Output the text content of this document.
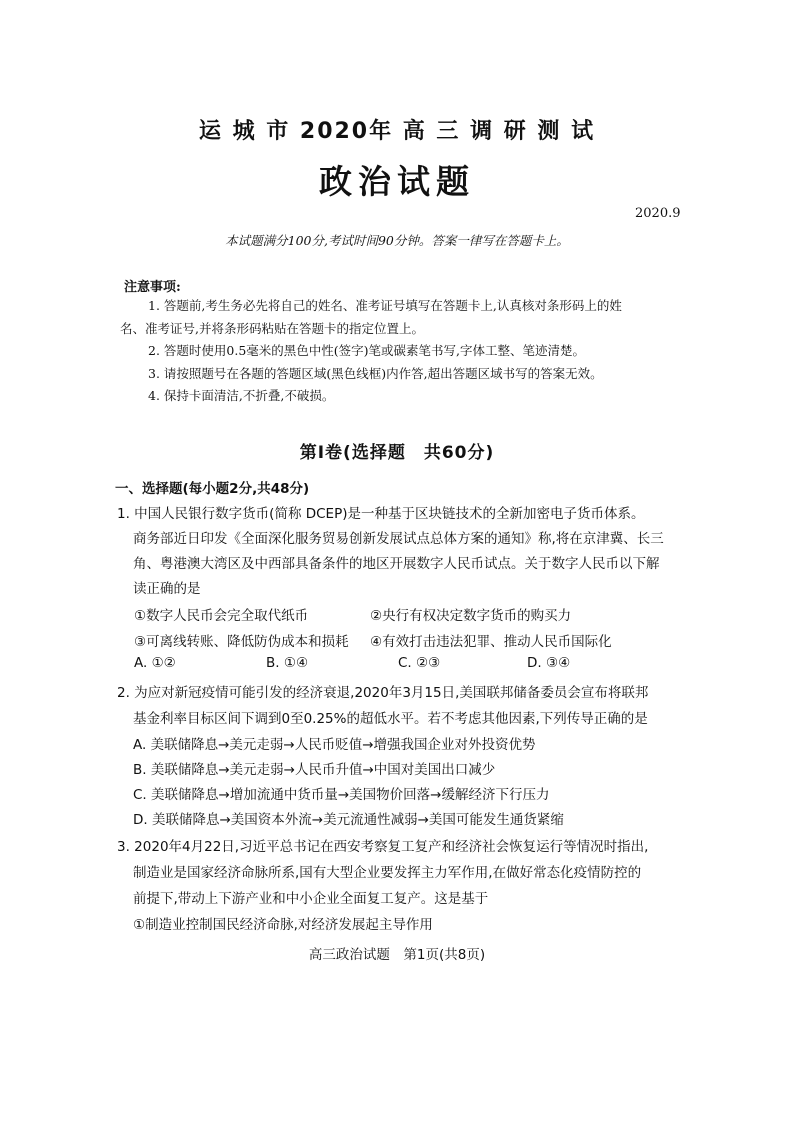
运 城 市 2020年 高 三 调 研 测 试
政治试题
2020.9
本试题满分100分,考试时间90分钟。答案一律写在答题卡上。
注意事项:
1. 答题前,考生务必先将自己的姓名、准考证号填写在答题卡上,认真核对条形码上的姓
名、准考证号,并将条形码粘贴在答题卡的指定位置上。
2. 答题时使用0.5毫米的黑色中性(签字)笔或碳素笔书写,字体工整、笔迹清楚。
3. 请按照题号在各题的答题区域(黑色线框)内作答,超出答题区域书写的答案无效。
4. 保持卡面清洁,不折叠,不破损。
第Ⅰ卷(选择题　共60分)
一、选择题(每小题2分,共48分)
1. 中国人民银行数字货币(简称 DCEP)是一种基于区块链技术的全新加密电子货币体系。
商务部近日印发《全面深化服务贸易创新发展试点总体方案的通知》称,将在京津冀、长三
角、粤港澳大湾区及中西部具备条件的地区开展数字人民币试点。关于数字人民币以下解
读正确的是
①数字人民币会完全取代纸币	②央行有权决定数字货币的购买力
③可离线转账、降低防伪成本和损耗 ④有效打击违法犯罪、推动人民币国际化
A. ①②	B. ①④	C. ②③	D. ③④
2. 为应对新冠疫情可能引发的经济衰退,2020年3月15日,美国联邦储备委员会宣布将联邦
基金利率目标区间下调到0至0.25%的超低水平。若不考虑其他因素,下列传导正确的是
A. 美联储降息→美元走弱→人民币贬值→增强我国企业对外投资优势
B. 美联储降息→美元走弱→人民币升值→中国对美国出口减少
C. 美联储降息→增加流通中货币量→美国物价回落→缓解经济下行压力
D. 美联储降息→美国资本外流→美元流通性减弱→美国可能发生通货紧缩
3. 2020年4月22日,习近平总书记在西安考察复工复产和经济社会恢复运行等情况时指出,
制造业是国家经济命脉所系,国有大型企业要发挥主力军作用,在做好常态化疫情防控的
前提下,带动上下游产业和中小企业全面复工复产。这是基于
①制造业控制国民经济命脉,对经济发展起主导作用
高三政治试题　第1页(共8页)
